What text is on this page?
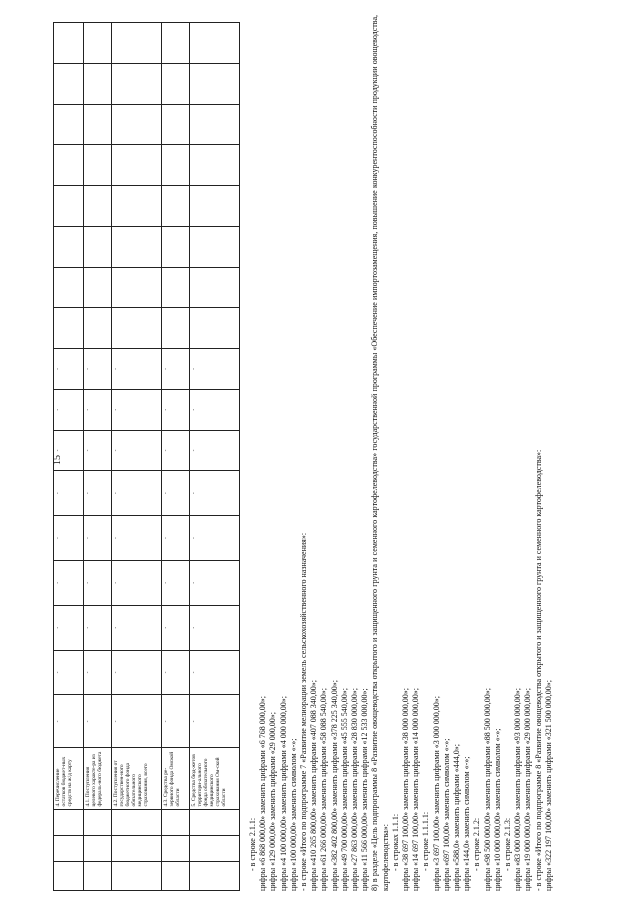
15
			4. Перечисление остатков бюджет-ных средств на ж/д карту	-	-	-	-	-	-	-	-	-								
			4.1. Поступления целевого характе-ра из федераль-ного бюджета	-	-	-	-	-	-	-	-	-								
			4.2. Поступления от государствен-ного бюджетного фонда обязательного медицинского страхования, всего	-	-	-	-	-	-	-	-	-								
			4.3. Средства ре-зервного фонда Омской области	-	-	-	-	-	-	-	-	-								
			5. Средства бюд-жетов территори-ального фонда обязательного медицинского страхования Ом-ской области	-	-	-	-	-	-	-	-	-								

- в строке 2.1.1: цифры «6 868 000,00» заменить цифрами «6 768 000,00»; цифры «129 000,00» заменить цифрами «29 000,00»; цифры «4 100 000,00» заменить цифрами «4 000 000,00»; цифры «100 000,00» заменить символом «-»; - в строке «Итого по подпрограмме 7 «Развитие мелиорации земель сельскохозяйственного назначения»: цифры «410 265 800,00» заменить цифрами «407 088 340,00»; цифры «61 266 000,00» заменить цифрами «58 088 540,00»; цифры «382 402 800,00» заменить цифрами «378 225 340,00»; цифры «49 700 000,00» заменить цифрами «45 555 540,00»; цифры «27 863 000,00» заменить цифрами «28 830 000,00»; цифры «11 566 000,00» заменить цифрами «12 533 000,00»; 8) в разделе «Цель подпрограммы 8 «Развитие овощеводства открытого и защищенного грунта и семенного картофелеводства» государственной программы «Обеспечение импортозамещения, повышение конкурентоспособности продукции овощеводства, картофелеводства»: - в строках 1.1.1: цифры «38 697 100,00» заменить цифрами «38 000 000,00»; цифры «14 697 100,00» заменить цифрами «14 000 000,00»; - в строке 1.1.1.1: цифры «3 697 100,00» заменить цифрами «3 000 000,00»; цифры «697 100,00» заменить символом «-»; цифры «588,0» заменить цифрами «444,0»; цифры «144,0» заменить символом «-»; - в строке 2.1.2: цифры «98 500 000,00» заменить цифрами «88 500 000,00»; цифры «10 000 000,00» заменить символом «-»; - в строке 2.1.3: цифры «83 000 000,00» заменить цифрами «93 000 000,00»; цифры «19 000 000,00» заменить цифрами «29 000 000,00»; - в строке «Итого по подпрограмме 8 «Развитие овощеводства открытого и защищенного грунта и семенного картофелеводства»: цифры «322 197 100,00» заменить цифрами «321 500 000,00»;
